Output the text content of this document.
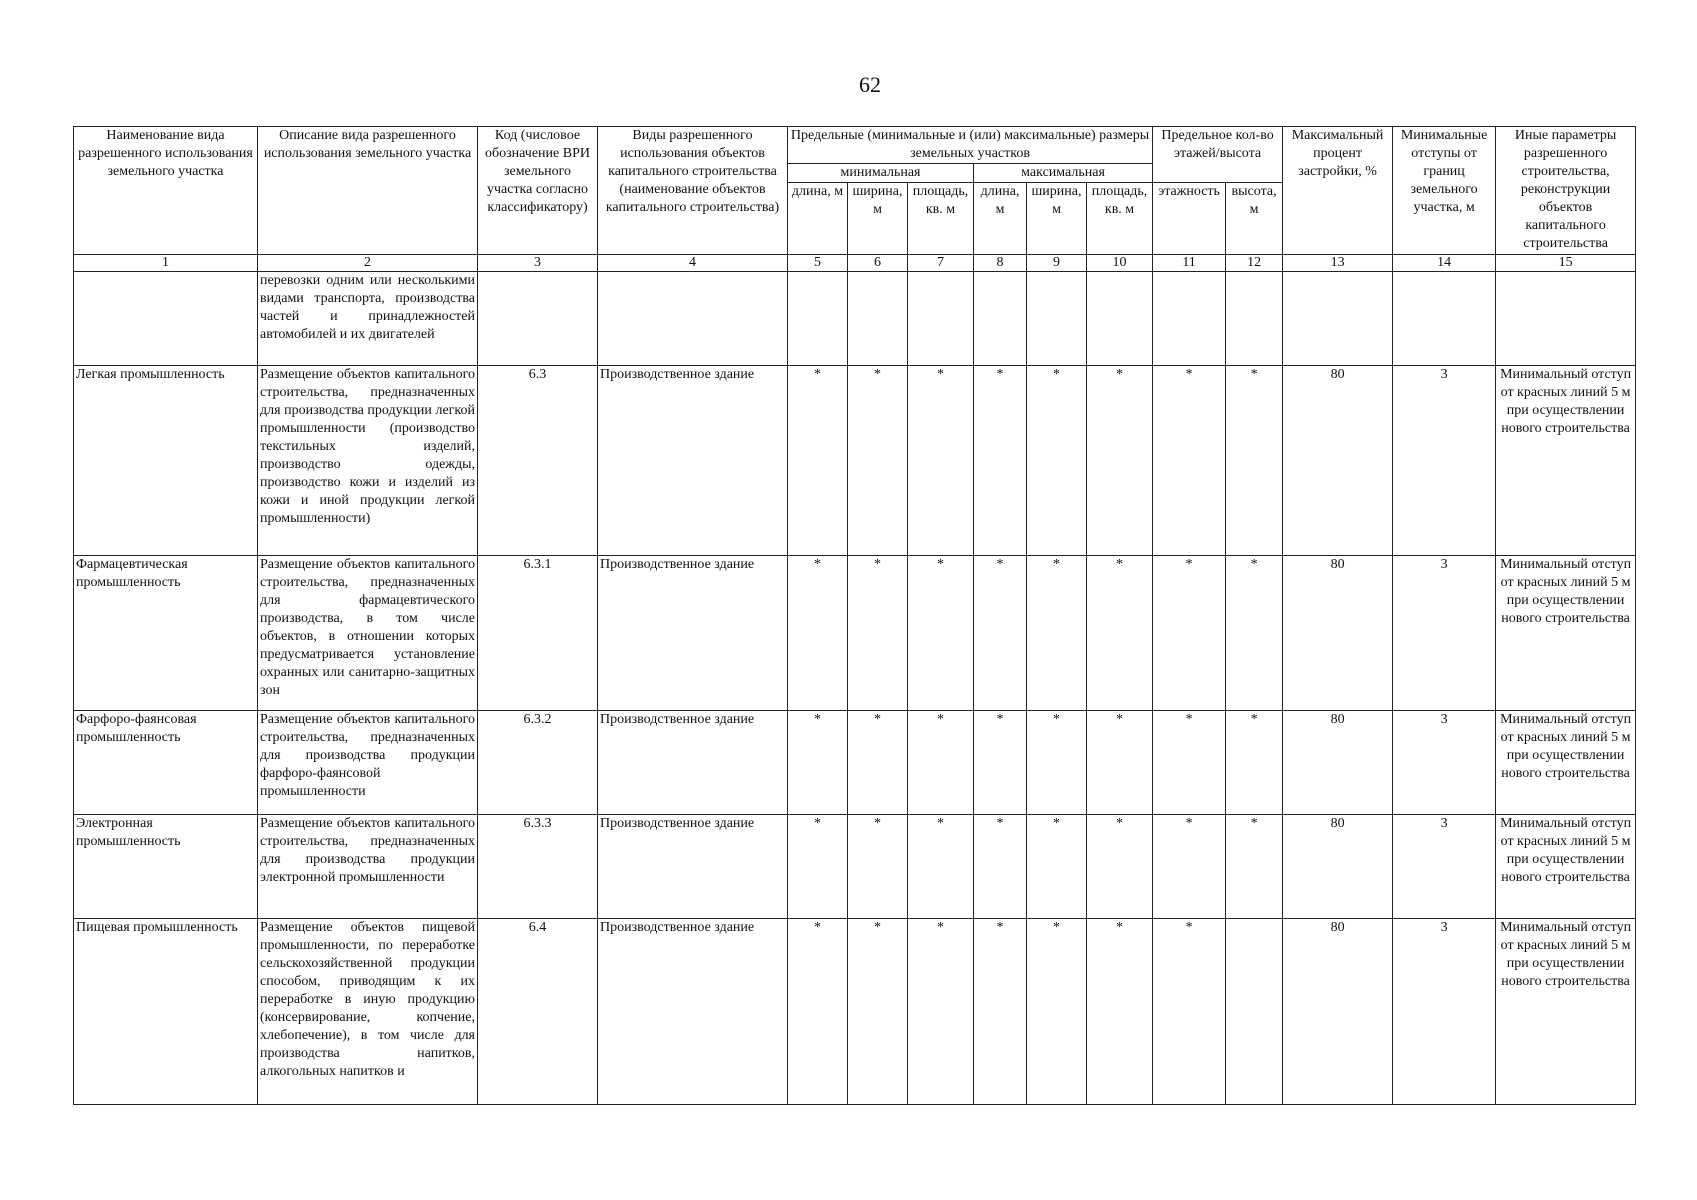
62
Наименование вида разрешенного использования земельного участка	Описание вида разрешенного использования земельного участка	Код (числовое обозначение ВРИ земельного участка согласно классификатору)	Виды разрешенного использования объектов капитального строительства (наименование объектов капитального строительства)	Предельные (минимальные и (или) максимальные) размеры земельных участков						Предельное кол-во этажей/высота		Максимальный процент застройки, %	Минимальные отступы от границ земельного участка, м	Иные параметры разрешенного строительства, реконструкции объектов капитального строительства
				минимальная			максимальная							
				длина, м	ширина, м	площадь, кв. м	длина, м	ширина, м	площадь, кв. м	этажность	высота, м			
1	2	3	4	5	6	7	8	9	10	11	12	13	14	15
	перевозки одним или несколькими видами транспорта, производства частей и принадлежностей автомобилей и их двигателей													
Легкая промышленность	Размещение объектов капитального строительства, предназначенных для производства продукции легкой промышленности (производство текстильных изделий, производство одежды, производство кожи и изделий из кожи и иной продукции легкой промышленности)	6.3	Производственное здание	*	*	*	*	*	*	*	*	80	3	Минимальный отступ от красных линий 5 м при осуществлении нового строительства
Фармацевтическая промышленность	Размещение объектов капитального строительства, предназначенных для фармацевтического производства, в том числе объектов, в отношении которых предусматривается установление охранных или санитарно-защитных зон	6.3.1	Производственное здание	*	*	*	*	*	*	*	*	80	3	Минимальный отступ от красных линий 5 м при осуществлении нового строительства
Фарфоро-фаянсовая промышленность	Размещение объектов капитального строительства, предназначенных для производства продукции фарфоро-фаянсовой промышленности	6.3.2	Производственное здание	*	*	*	*	*	*	*	*	80	3	Минимальный отступ от красных линий 5 м при осуществлении нового строительства
Электронная промышленность	Размещение объектов капитального строительства, предназначенных для производства продукции электронной промышленности	6.3.3	Производственное здание	*	*	*	*	*	*	*	*	80	3	Минимальный отступ от красных линий 5 м при осуществлении нового строительства
Пищевая промышленность	Размещение объектов пищевой промышленности, по переработке сельскохозяйственной продукции способом, приводящим к их переработке в иную продукцию (консервирование, копчение, хлебопечение), в том числе для производства напитков, алкогольных напитков и	6.4	Производственное здание	*	*	*	*	*	*	*		80	3	Минимальный отступ от красных линий 5 м при осуществлении нового строительства
